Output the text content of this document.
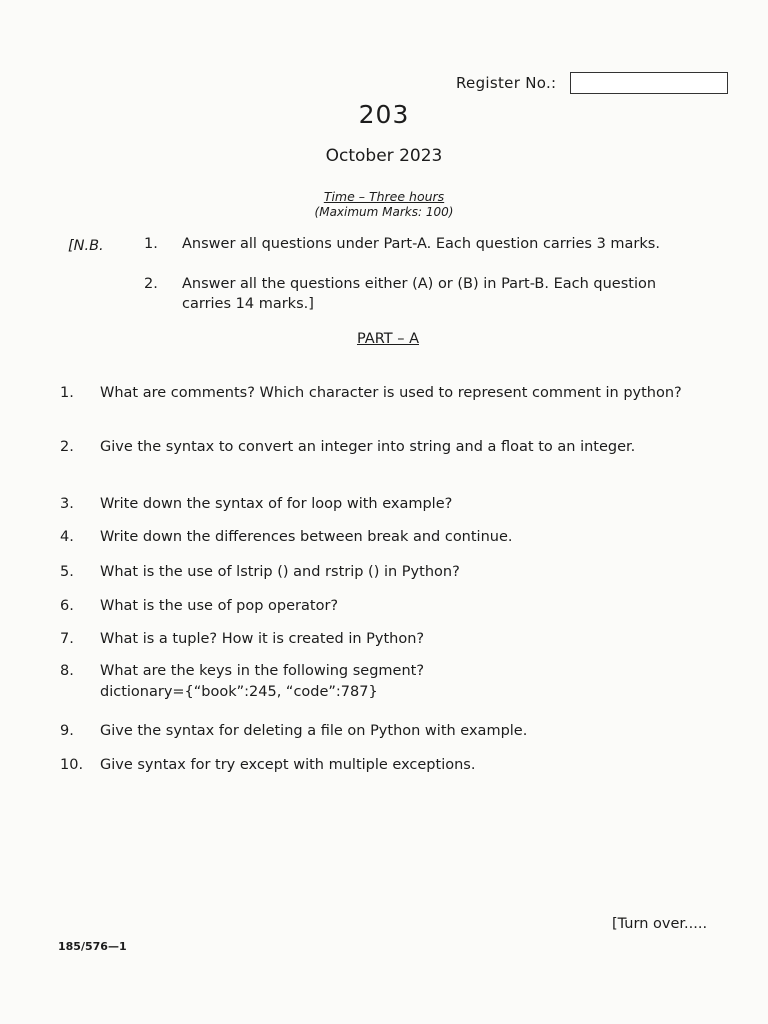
Register No.:
203
October 2023
Time – Three hours
(Maximum Marks: 100)
[N.B.	1.	Answer all questions under Part-A. Each question carries 3 marks.
2.	Answer all the questions either (A) or (B) in Part-B. Each question carries 14 marks.]
PART – A
1.	What are comments? Which character is used to represent comment in python?
2.	Give the syntax to convert an integer into string and a float to an integer.
3.	Write down the syntax of for loop with example?
4.	Write down the differences between break and continue.
5.	What is the use of lstrip () and rstrip () in Python?
6.	What is the use of pop operator?
7.	What is a tuple? How it is created in Python?
8.	What are the keys in the following segment? dictionary={“book”:245, “code”:787}
9.	Give the syntax for deleting a file on Python with example.
10.	Give syntax for try except with multiple exceptions.
[Turn over.....
185/576—1
